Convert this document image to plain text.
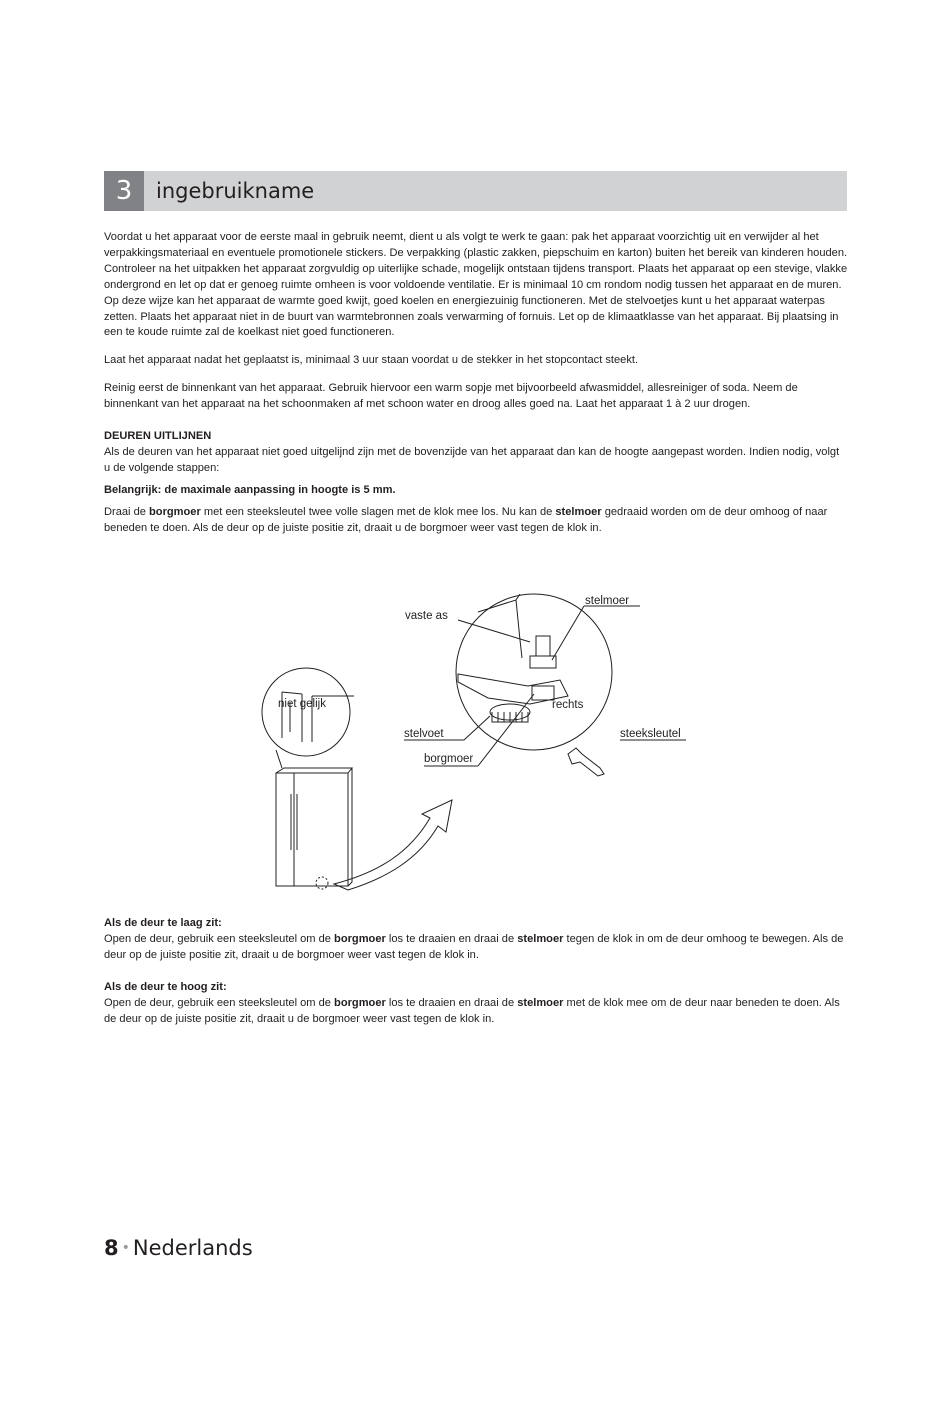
3	ingebruikname

Voordat u het apparaat voor de eerste maal in gebruik neemt, dient u als volgt te werk te gaan: pak het apparaat voorzichtig uit en verwijder al het verpakkingsmateriaal en eventuele promotionele stickers. De verpakking (plastic zakken, piepschuim en karton) buiten het bereik van kinderen houden. Controleer na het uitpakken het apparaat zorgvuldig op uiterlijke schade, mogelijk ontstaan tijdens transport. Plaats het apparaat op een stevige, vlakke ondergrond en let op dat er genoeg ruimte omheen is voor voldoende ventilatie. Er is minimaal 10 cm rondom nodig tussen het apparaat en de muren. Op deze wijze kan het apparaat de warmte goed kwijt, goed koelen en energiezuinig functioneren. Met de stelvoetjes kunt u het apparaat waterpas zetten. Plaats het apparaat niet in de buurt van warmtebronnen zoals verwarming of fornuis. Let op de klimaatklasse van het apparaat. Bij plaatsing in een te koude ruimte zal de koelkast niet goed functioneren.

Laat het apparaat nadat het geplaatst is, minimaal 3 uur staan voordat u de stekker in het stopcontact steekt.

Reinig eerst de binnenkant van het apparaat. Gebruik hiervoor een warm sopje met bijvoorbeeld afwasmiddel, allesreiniger of soda. Neem de binnenkant van het apparaat na het schoonmaken af met schoon water en droog alles goed na. Laat het apparaat 1 à 2 uur drogen.

DEUREN UITLIJNEN

Als de deuren van het apparaat niet goed uitgelijnd zijn met de bovenzijde van het apparaat dan kan de hoogte aangepast worden. Indien nodig, volgt u de volgende stappen:

Belangrijk: de maximale aanpassing in hoogte is 5 mm.

Draai de borgmoer met een steeksleutel twee volle slagen met de klok mee los. Nu kan de stelmoer gedraaid worden om de deur omhoog of naar beneden te doen. Als de deur op de juiste positie zit, draait u de borgmoer weer vast tegen de klok in.

stelmoer
vaste as
niet gelijk	rechts
stelvoet	steeksleutel
borgmoer

Als de deur te laag zit:

Open de deur, gebruik een steeksleutel om de borgmoer los te draaien en draai de stelmoer tegen de klok in om de deur omhoog te bewegen. Als de deur op de juiste positie zit, draait u de borgmoer weer vast tegen de klok in.

Als de deur te hoog zit:

Open de deur, gebruik een steeksleutel om de borgmoer los te draaien en draai de stelmoer met de klok mee om de deur naar beneden te doen. Als de deur op de juiste positie zit, draait u de borgmoer weer vast tegen de klok in.

8 • Nederlands
